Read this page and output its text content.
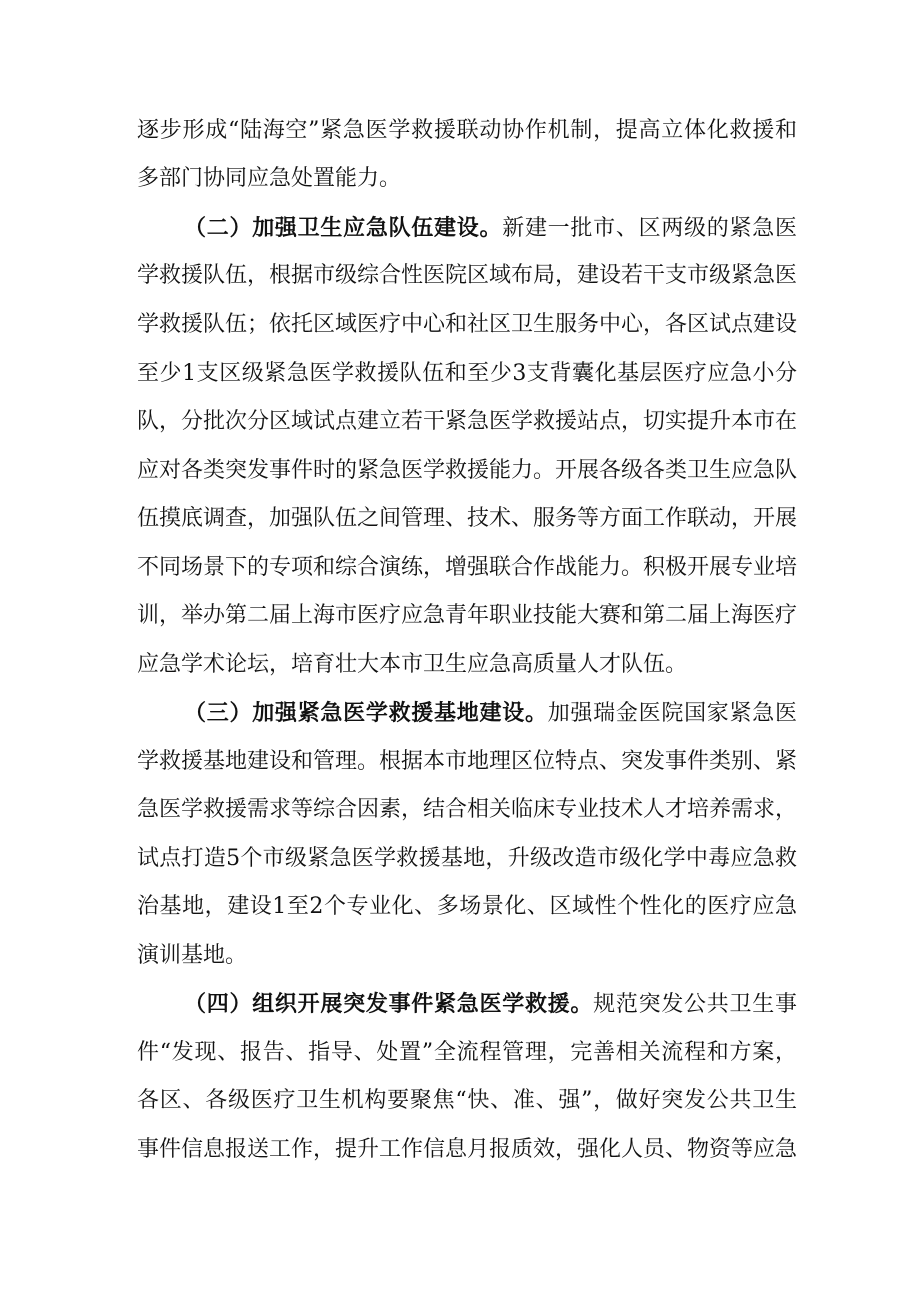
逐步形成“陆海空”紧急医学救援联动协作机制，提高立体化救援和
多部门协同应急处置能力。
（二）加强卫生应急队伍建设。新建一批市、区两级的紧急医
学救援队伍，根据市级综合性医院区域布局，建设若干支市级紧急医
学救援队伍；依托区域医疗中心和社区卫生服务中心，各区试点建设
至少1支区级紧急医学救援队伍和至少3支背囊化基层医疗应急小分
队，分批次分区域试点建立若干紧急医学救援站点，切实提升本市在
应对各类突发事件时的紧急医学救援能力。开展各级各类卫生应急队
伍摸底调查，加强队伍之间管理、技术、服务等方面工作联动，开展
不同场景下的专项和综合演练，增强联合作战能力。积极开展专业培
训，举办第二届上海市医疗应急青年职业技能大赛和第二届上海医疗
应急学术论坛，培育壮大本市卫生应急高质量人才队伍。
（三）加强紧急医学救援基地建设。加强瑞金医院国家紧急医
学救援基地建设和管理。根据本市地理区位特点、突发事件类别、紧
急医学救援需求等综合因素，结合相关临床专业技术人才培养需求，
试点打造5个市级紧急医学救援基地，升级改造市级化学中毒应急救
治基地，建设1至2个专业化、多场景化、区域性个性化的医疗应急
演训基地。
（四）组织开展突发事件紧急医学救援。规范突发公共卫生事
件“发现、报告、指导、处置”全流程管理，完善相关流程和方案，
各区、各级医疗卫生机构要聚焦“快、准、强”，做好突发公共卫生
事件信息报送工作，提升工作信息月报质效，强化人员、物资等应急
